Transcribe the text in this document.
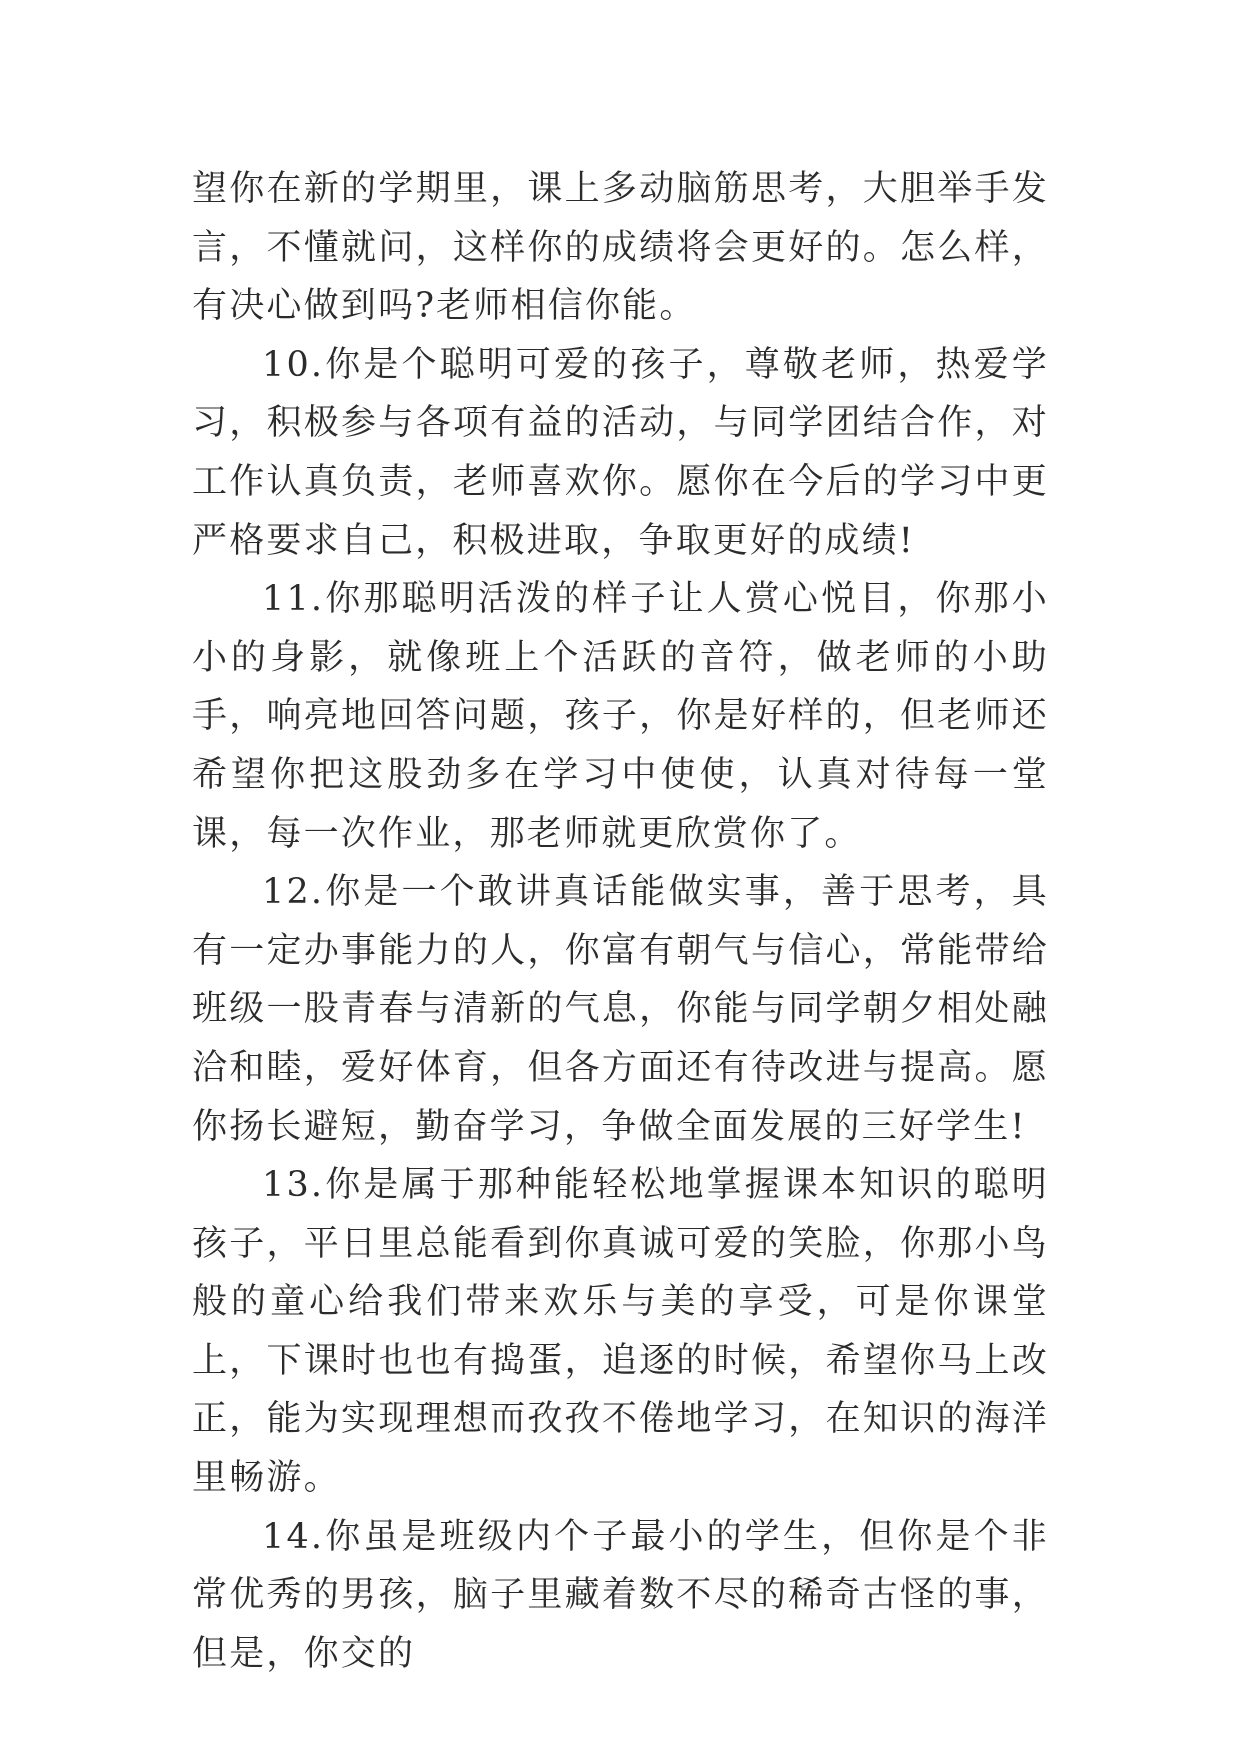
望你在新的学期里，课上多动脑筋思考，大胆举手发言，不懂就问，这样你的成绩将会更好的。怎么样，有决心做到吗?老师相信你能。

10.你是个聪明可爱的孩子，尊敬老师，热爱学习，积极参与各项有益的活动，与同学团结合作，对工作认真负责，老师喜欢你。愿你在今后的学习中更严格要求自己，积极进取，争取更好的成绩!

11.你那聪明活泼的样子让人赏心悦目，你那小小的身影，就像班上个活跃的音符，做老师的小助手，响亮地回答问题，孩子，你是好样的，但老师还希望你把这股劲多在学习中使使，认真对待每一堂课，每一次作业，那老师就更欣赏你了。

12.你是一个敢讲真话能做实事，善于思考，具有一定办事能力的人，你富有朝气与信心，常能带给班级一股青春与清新的气息，你能与同学朝夕相处融洽和睦，爱好体育，但各方面还有待改进与提高。愿你扬长避短，勤奋学习，争做全面发展的三好学生!

13.你是属于那种能轻松地掌握课本知识的聪明孩子，平日里总能看到你真诚可爱的笑脸，你那小鸟般的童心给我们带来欢乐与美的享受，可是你课堂上，下课时也也有捣蛋，追逐的时候，希望你马上改正，能为实现理想而孜孜不倦地学习，在知识的海洋里畅游。

14.你虽是班级内个子最小的学生，但你是个非常优秀的男孩，脑子里藏着数不尽的稀奇古怪的事，但是，你交的
